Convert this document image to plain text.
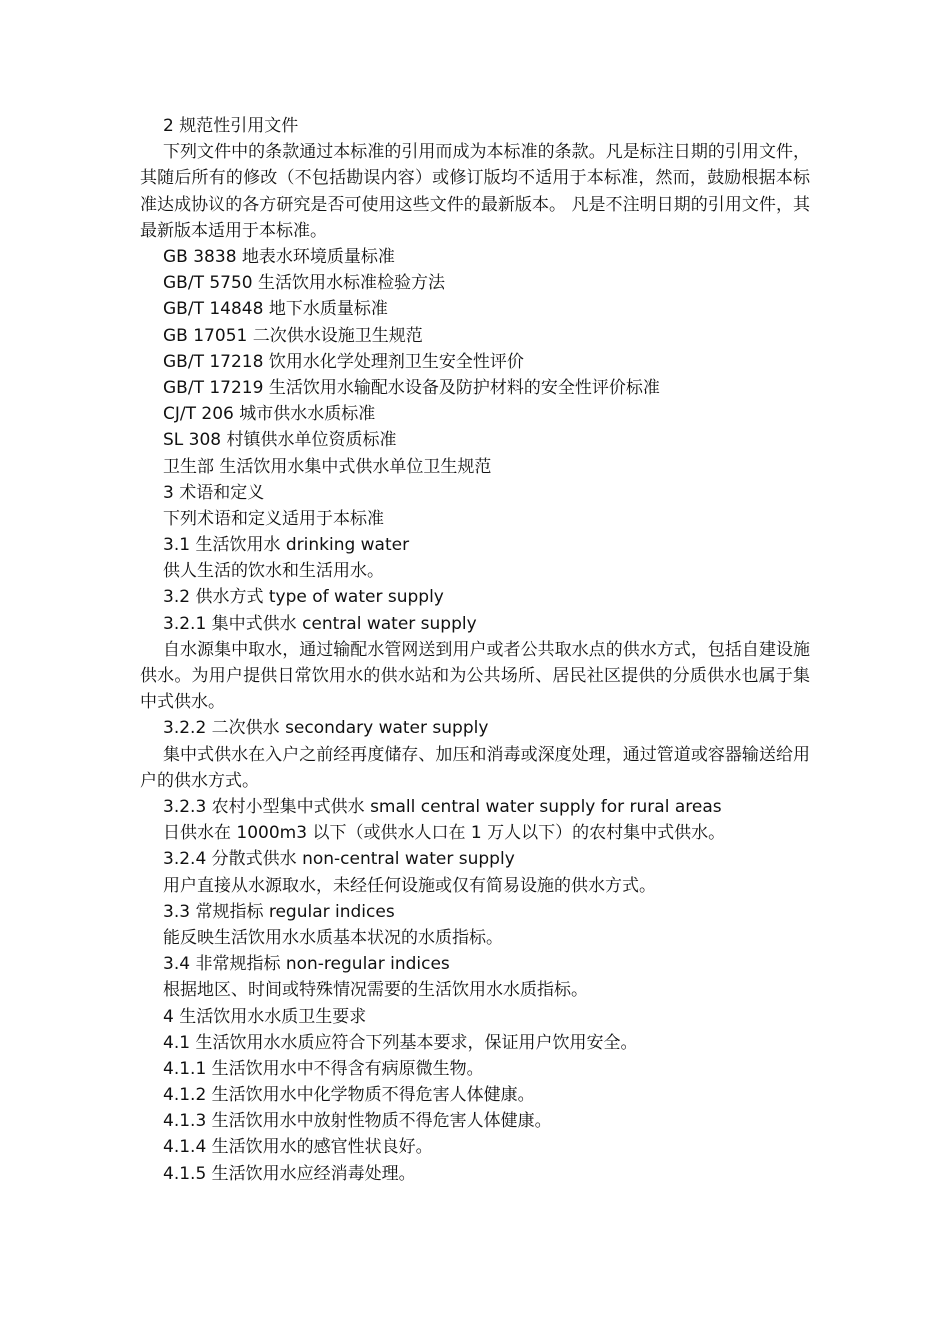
2 规范性引用文件
下列文件中的条款通过本标准的引用而成为本标准的条款。凡是标注日期的引用文件，其随后所有的修改（不包括勘误内容）或修订版均不适用于本标准，然而，鼓励根据本标准达成协议的各方研究是否可使用这些文件的最新版本。 凡是不注明日期的引用文件，其最新版本适用于本标准。
GB 3838 地表水环境质量标准
GB/T 5750 生活饮用水标准检验方法
GB/T 14848 地下水质量标准
GB 17051 二次供水设施卫生规范
GB/T 17218 饮用水化学处理剂卫生安全性评价
GB/T 17219 生活饮用水输配水设备及防护材料的安全性评价标准
CJ/T 206 城市供水水质标准
SL 308 村镇供水单位资质标准
卫生部 生活饮用水集中式供水单位卫生规范
3 术语和定义
下列术语和定义适用于本标准
3.1 生活饮用水 drinking water
供人生活的饮水和生活用水。
3.2 供水方式 type of water supply
3.2.1 集中式供水 central water supply
自水源集中取水，通过输配水管网送到用户或者公共取水点的供水方式，包括自建设施供水。为用户提供日常饮用水的供水站和为公共场所、居民社区提供的分质供水也属于集中式供水。
3.2.2 二次供水 secondary water supply
集中式供水在入户之前经再度储存、加压和消毒或深度处理，通过管道或容器输送给用户的供水方式。
3.2.3 农村小型集中式供水 small central water supply for rural areas
日供水在 1000m3 以下（或供水人口在 1 万人以下）的农村集中式供水。
3.2.4 分散式供水 non-central water supply
用户直接从水源取水，未经任何设施或仅有简易设施的供水方式。
3.3 常规指标 regular indices
能反映生活饮用水水质基本状况的水质指标。
3.4 非常规指标 non-regular indices
根据地区、时间或特殊情况需要的生活饮用水水质指标。
4 生活饮用水水质卫生要求
4.1 生活饮用水水质应符合下列基本要求，保证用户饮用安全。
4.1.1 生活饮用水中不得含有病原微生物。
4.1.2 生活饮用水中化学物质不得危害人体健康。
4.1.3 生活饮用水中放射性物质不得危害人体健康。
4.1.4 生活饮用水的感官性状良好。
4.1.5 生活饮用水应经消毒处理。
